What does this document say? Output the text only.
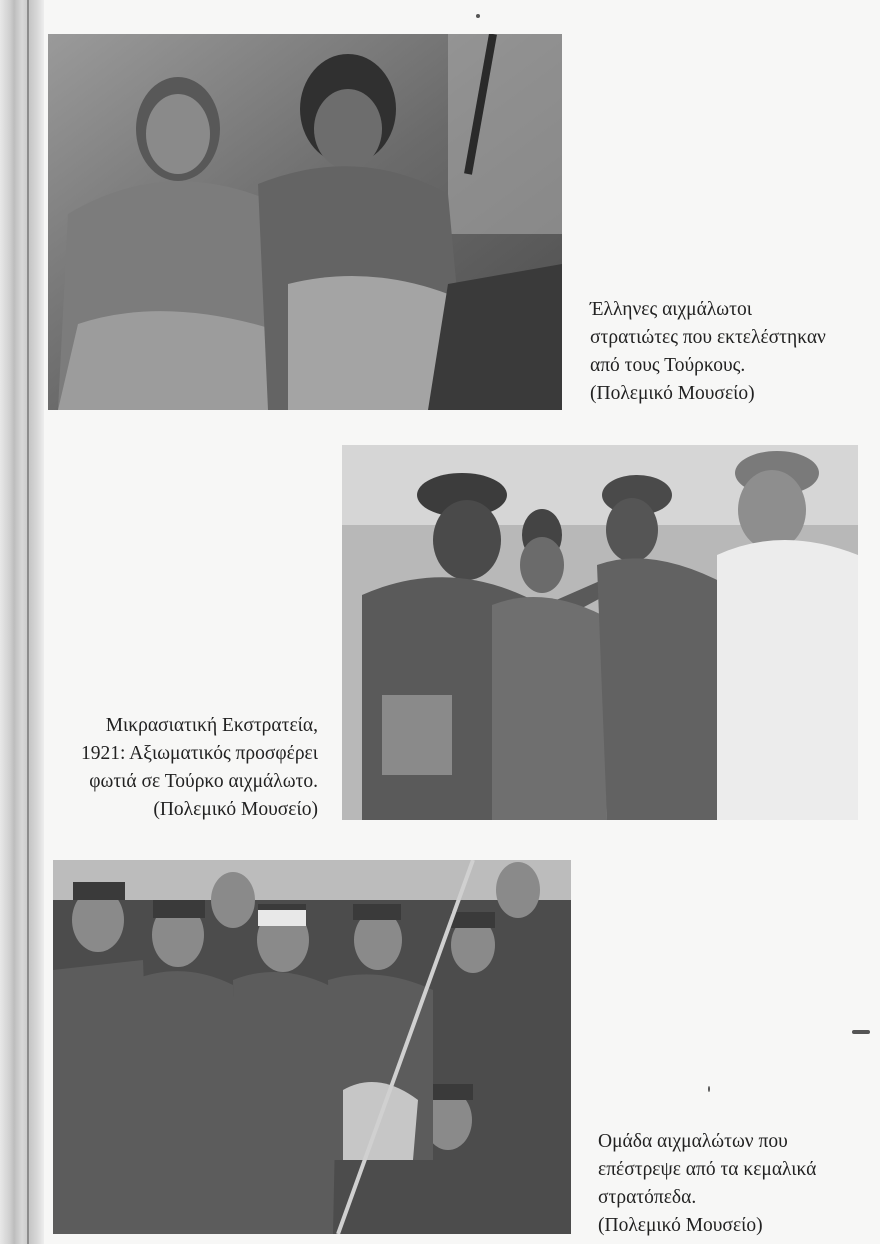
Έλληνες αιχμάλωτοι
στρατιώτες που εκτελέστηκαν
από τους Τούρκους.
(Πολεμικό Μουσείο)
Μικρασιατική Εκστρατεία,
1921: Αξιωματικός προσφέρει
φωτιά σε Τούρκο αιχμάλωτο.
(Πολεμικό Μουσείο)
Ομάδα αιχμαλώτων που
επέστρεψε από τα κεμαλικά
στρατόπεδα.
(Πολεμικό Μουσείο)
